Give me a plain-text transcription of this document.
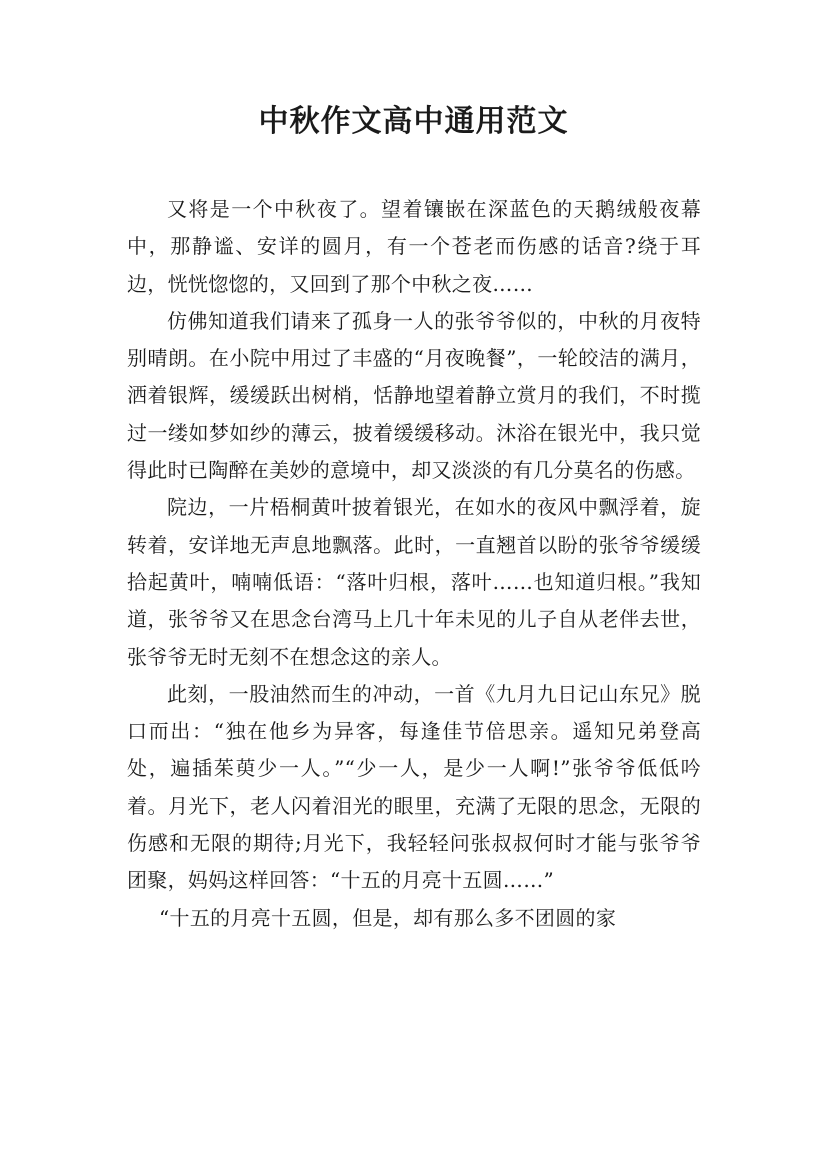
中秋作文高中通用范文

又将是一个中秋夜了。望着镶嵌在深蓝色的天鹅绒般夜幕中，那静谧、安详的圆月，有一个苍老而伤感的话音?绕于耳边，恍恍惚惚的，又回到了那个中秋之夜……

仿佛知道我们请来了孤身一人的张爷爷似的，中秋的月夜特别晴朗。在小院中用过了丰盛的“月夜晚餐”，一轮皎洁的满月，洒着银辉，缓缓跃出树梢，恬静地望着静立赏月的我们，不时揽过一缕如梦如纱的薄云，披着缓缓移动。沐浴在银光中，我只觉得此时已陶醉在美妙的意境中，却又淡淡的有几分莫名的伤感。

院边，一片梧桐黄叶披着银光，在如水的夜风中飘浮着，旋转着，安详地无声息地飘落。此时，一直翘首以盼的张爷爷缓缓拾起黄叶，喃喃低语：“落叶归根，落叶……也知道归根。”我知道，张爷爷又在思念台湾马上几十年未见的儿子自从老伴去世，张爷爷无时无刻不在想念这的亲人。

此刻，一股油然而生的冲动，一首《九月九日记山东兄》脱口而出：“独在他乡为异客，每逢佳节倍思亲。遥知兄弟登高处，遍插茱萸少一人。”“少一人，是少一人啊!”张爷爷低低吟着。月光下，老人闪着泪光的眼里，充满了无限的思念，无限的伤感和无限的期待;月光下，我轻轻问张叔叔何时才能与张爷爷团聚，妈妈这样回答：“十五的月亮十五圆……”

“十五的月亮十五圆，但是，却有那么多不团圆的家
